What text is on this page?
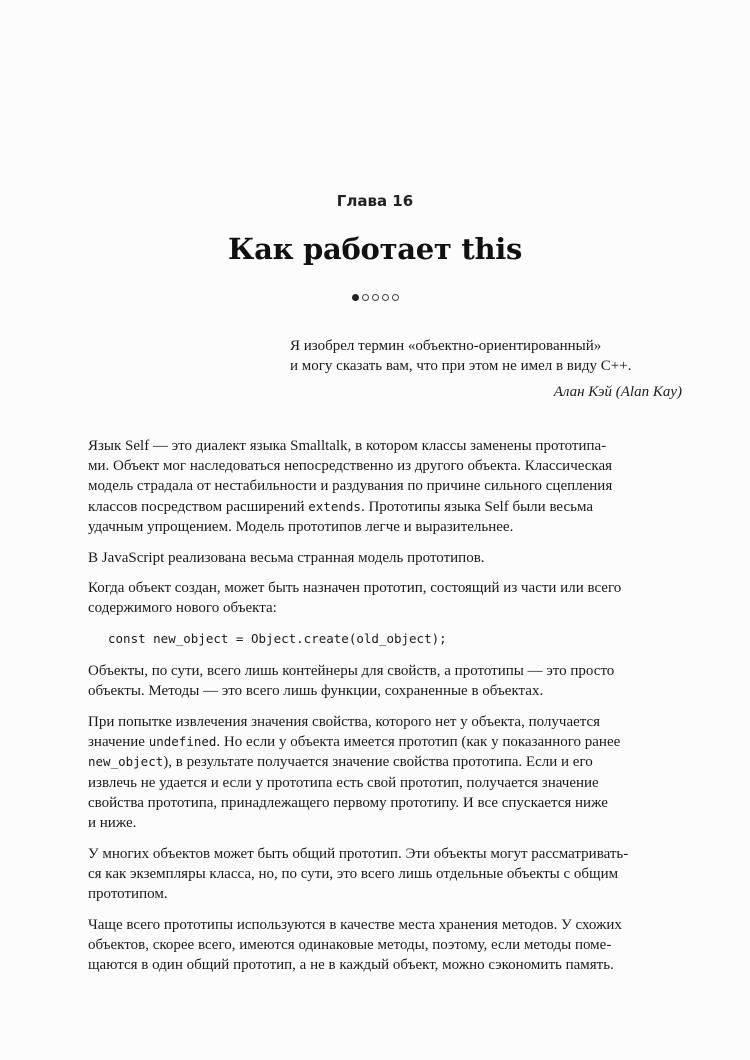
Глава 16
Как работает this

Я изобрел термин «объектно-ориентированный»
и могу сказать вам, что при этом не имел в виду C++.
Алан Кэй (Alan Kay)
Язык Self — это диалект языка Smalltalk, в котором классы заменены прототипа-
ми. Объект мог наследоваться непосредственно из другого объекта. Классическая
модель страдала от нестабильности и раздувания по причине сильного сцепления
классов посредством расширений extends. Прототипы языка Self были весьма
удачным упрощением. Модель прототипов легче и выразительнее.
В JavaScript реализована весьма странная модель прототипов.
Когда объект создан, может быть назначен прототип, состоящий из части или всего
содержимого нового объекта:
const new_object = Object.create(old_object);
Объекты, по сути, всего лишь контейнеры для свойств, а прототипы — это просто
объекты. Методы — это всего лишь функции, сохраненные в объектах.
При попытке извлечения значения свойства, которого нет у объекта, получается
значение undefined. Но если у объекта имеется прототип (как у показанного ранее
new_object), в результате получается значение свойства прототипа. Если и его
извлечь не удается и если у прототипа есть свой прототип, получается значение
свойства прототипа, принадлежащего первому прототипу. И все спускается ниже
и ниже.
У многих объектов может быть общий прототип. Эти объекты могут рассматривать-
ся как экземпляры класса, но, по сути, это всего лишь отдельные объекты с общим
прототипом.
Чаще всего прототипы используются в качестве места хранения методов. У схожих
объектов, скорее всего, имеются одинаковые методы, поэтому, если методы поме-
щаются в один общий прототип, а не в каждый объект, можно сэкономить память.
